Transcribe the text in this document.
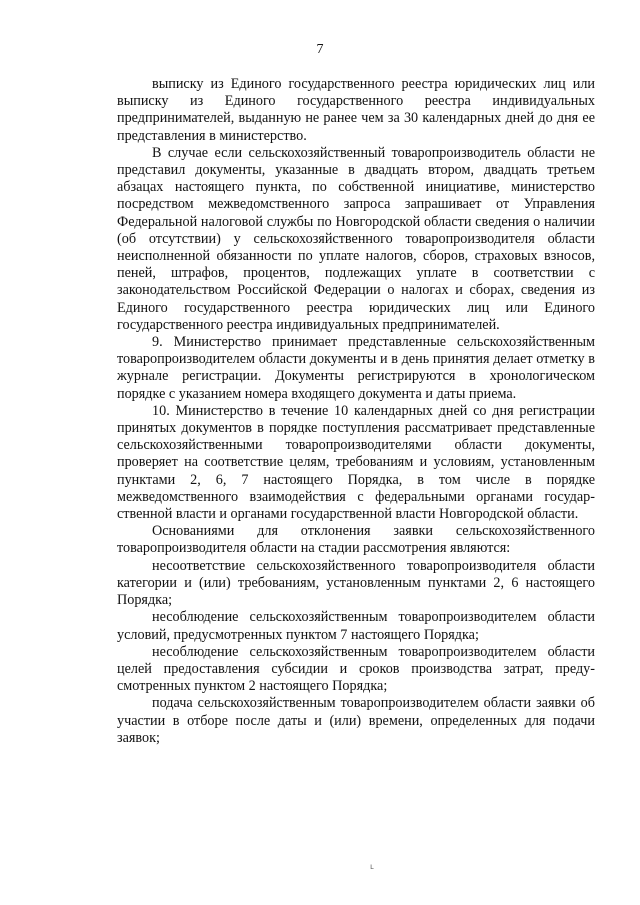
7

выписку из Единого государственного реестра юридических лиц или выписку из Единого государственного реестра индивидуальных предпринимателей, выданную не ранее чем за 30 календарных дней до дня ее представления в министерство.

В случае если сельскохозяйственный товаропроизводитель области не представил документы, указанные в двадцать втором, двадцать третьем абзацах настоящего пункта, по собственной инициативе, министерство посредством межведомственного запроса запрашивает от Управления Федеральной налоговой службы по Новгородской области сведения о наличии (об отсутствии) у сельскохозяйственного товаропроизводителя области неисполненной обязанности по уплате налогов, сборов, страховых взносов, пеней, штрафов, процентов, подлежащих уплате в соответствии с законодательством Российской Федерации о налогах и сборах, сведения из Единого государственного реестра юридических лиц или Единого государственного реестра индивидуальных предпринимателей.

9. Министерство принимает представленные сельскохозяйственным товаропроизводителем области документы и в день принятия делает отметку в журнале регистрации. Документы регистрируются в хронологическом порядке с указанием номера входящего документа и даты приема.

10. Министерство в течение 10 календарных дней со дня регистрации принятых документов в порядке поступления рассматривает представленные сельскохозяйственными товаропроизводителями области документы, проверяет на соответствие целям, требованиям и условиям, установленным пунктами 2, 6, 7 настоящего Порядка, в том числе в порядке межведомственного взаимодействия с федеральными органами государственной власти и органами государственной власти Новгородской области.

Основаниями для отклонения заявки сельскохозяйственного товаропроизводителя области на стадии рассмотрения являются:

несоответствие сельскохозяйственного товаропроизводителя области категории и (или) требованиям, установленным пунктами 2, 6 настоящего Порядка;

несоблюдение сельскохозяйственным товаропроизводителем области условий, предусмотренных пунктом 7 настоящего Порядка;

несоблюдение сельскохозяйственным товаропроизводителем области целей предоставления субсидии и сроков производства затрат, предусмотренных пунктом 2 настоящего Порядка;

подача сельскохозяйственным товаропроизводителем области заявки об участии в отборе после даты и (или) времени, определенных для подачи заявок;

ւ
